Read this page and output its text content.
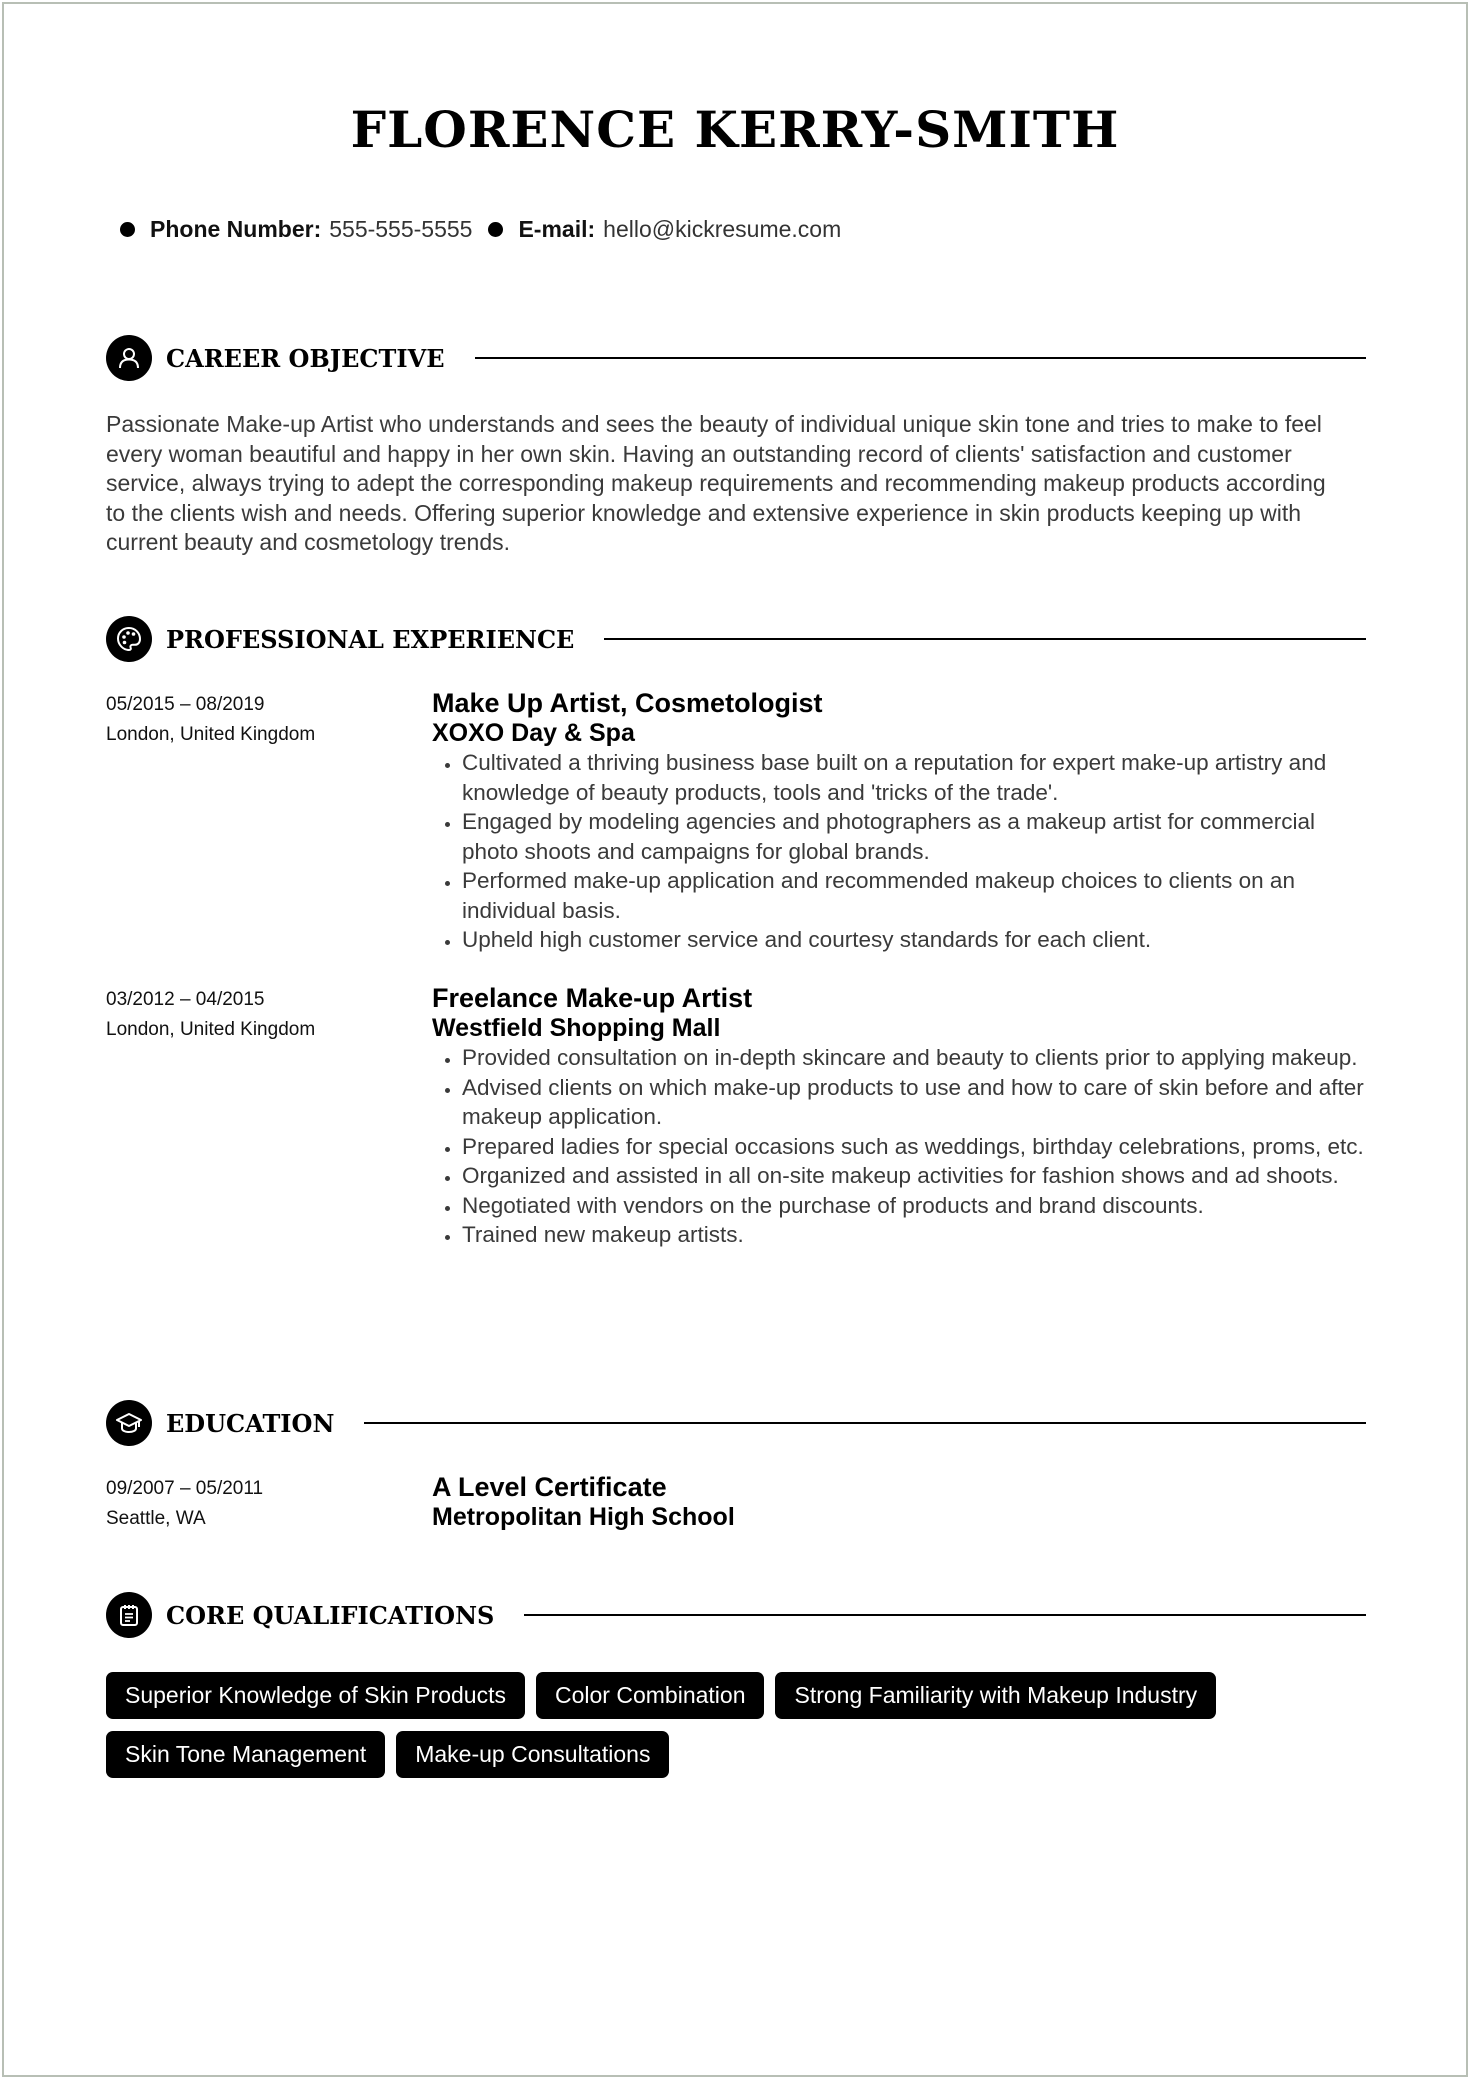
FLORENCE KERRY-SMITH
Phone Number: 555-555-5555 E-mail: hello@kickresume.com
CAREER OBJECTIVE

Passionate Make-up Artist who understands and sees the beauty of individual unique skin tone and tries to make to feel every woman beautiful and happy in her own skin. Having an outstanding record of clients' satisfaction and customer service, always trying to adept the corresponding makeup requirements and recommending makeup products according to the clients wish and needs. Offering superior knowledge and extensive experience in skin products keeping up with current beauty and cosmetology trends.

PROFESSIONAL EXPERIENCE
05/2015 – 08/2019
London, United Kingdom
Make Up Artist, Cosmetologist
XOXO Day & Spa
• Cultivated a thriving business base built on a reputation for expert make-up artistry and knowledge of beauty products, tools and 'tricks of the trade'.
• Engaged by modeling agencies and photographers as a makeup artist for commercial photo shoots and campaigns for global brands.
• Performed make-up application and recommended makeup choices to clients on an individual basis.
• Upheld high customer service and courtesy standards for each client.
03/2012 – 04/2015
London, United Kingdom
Freelance Make-up Artist
Westfield Shopping Mall
• Provided consultation on in-depth skincare and beauty to clients prior to applying makeup.
• Advised clients on which make-up products to use and how to care of skin before and after makeup application.
• Prepared ladies for special occasions such as weddings, birthday celebrations, proms, etc.
• Organized and assisted in all on-site makeup activities for fashion shows and ad shoots.
• Negotiated with vendors on the purchase of products and brand discounts.
• Trained new makeup artists.
EDUCATION
09/2007 – 05/2011
Seattle, WA
A Level Certificate
Metropolitan High School
CORE QUALIFICATIONS
Superior Knowledge of Skin Products	Color Combination	Strong Familiarity with Makeup Industry
Skin Tone Management	Make-up Consultations
